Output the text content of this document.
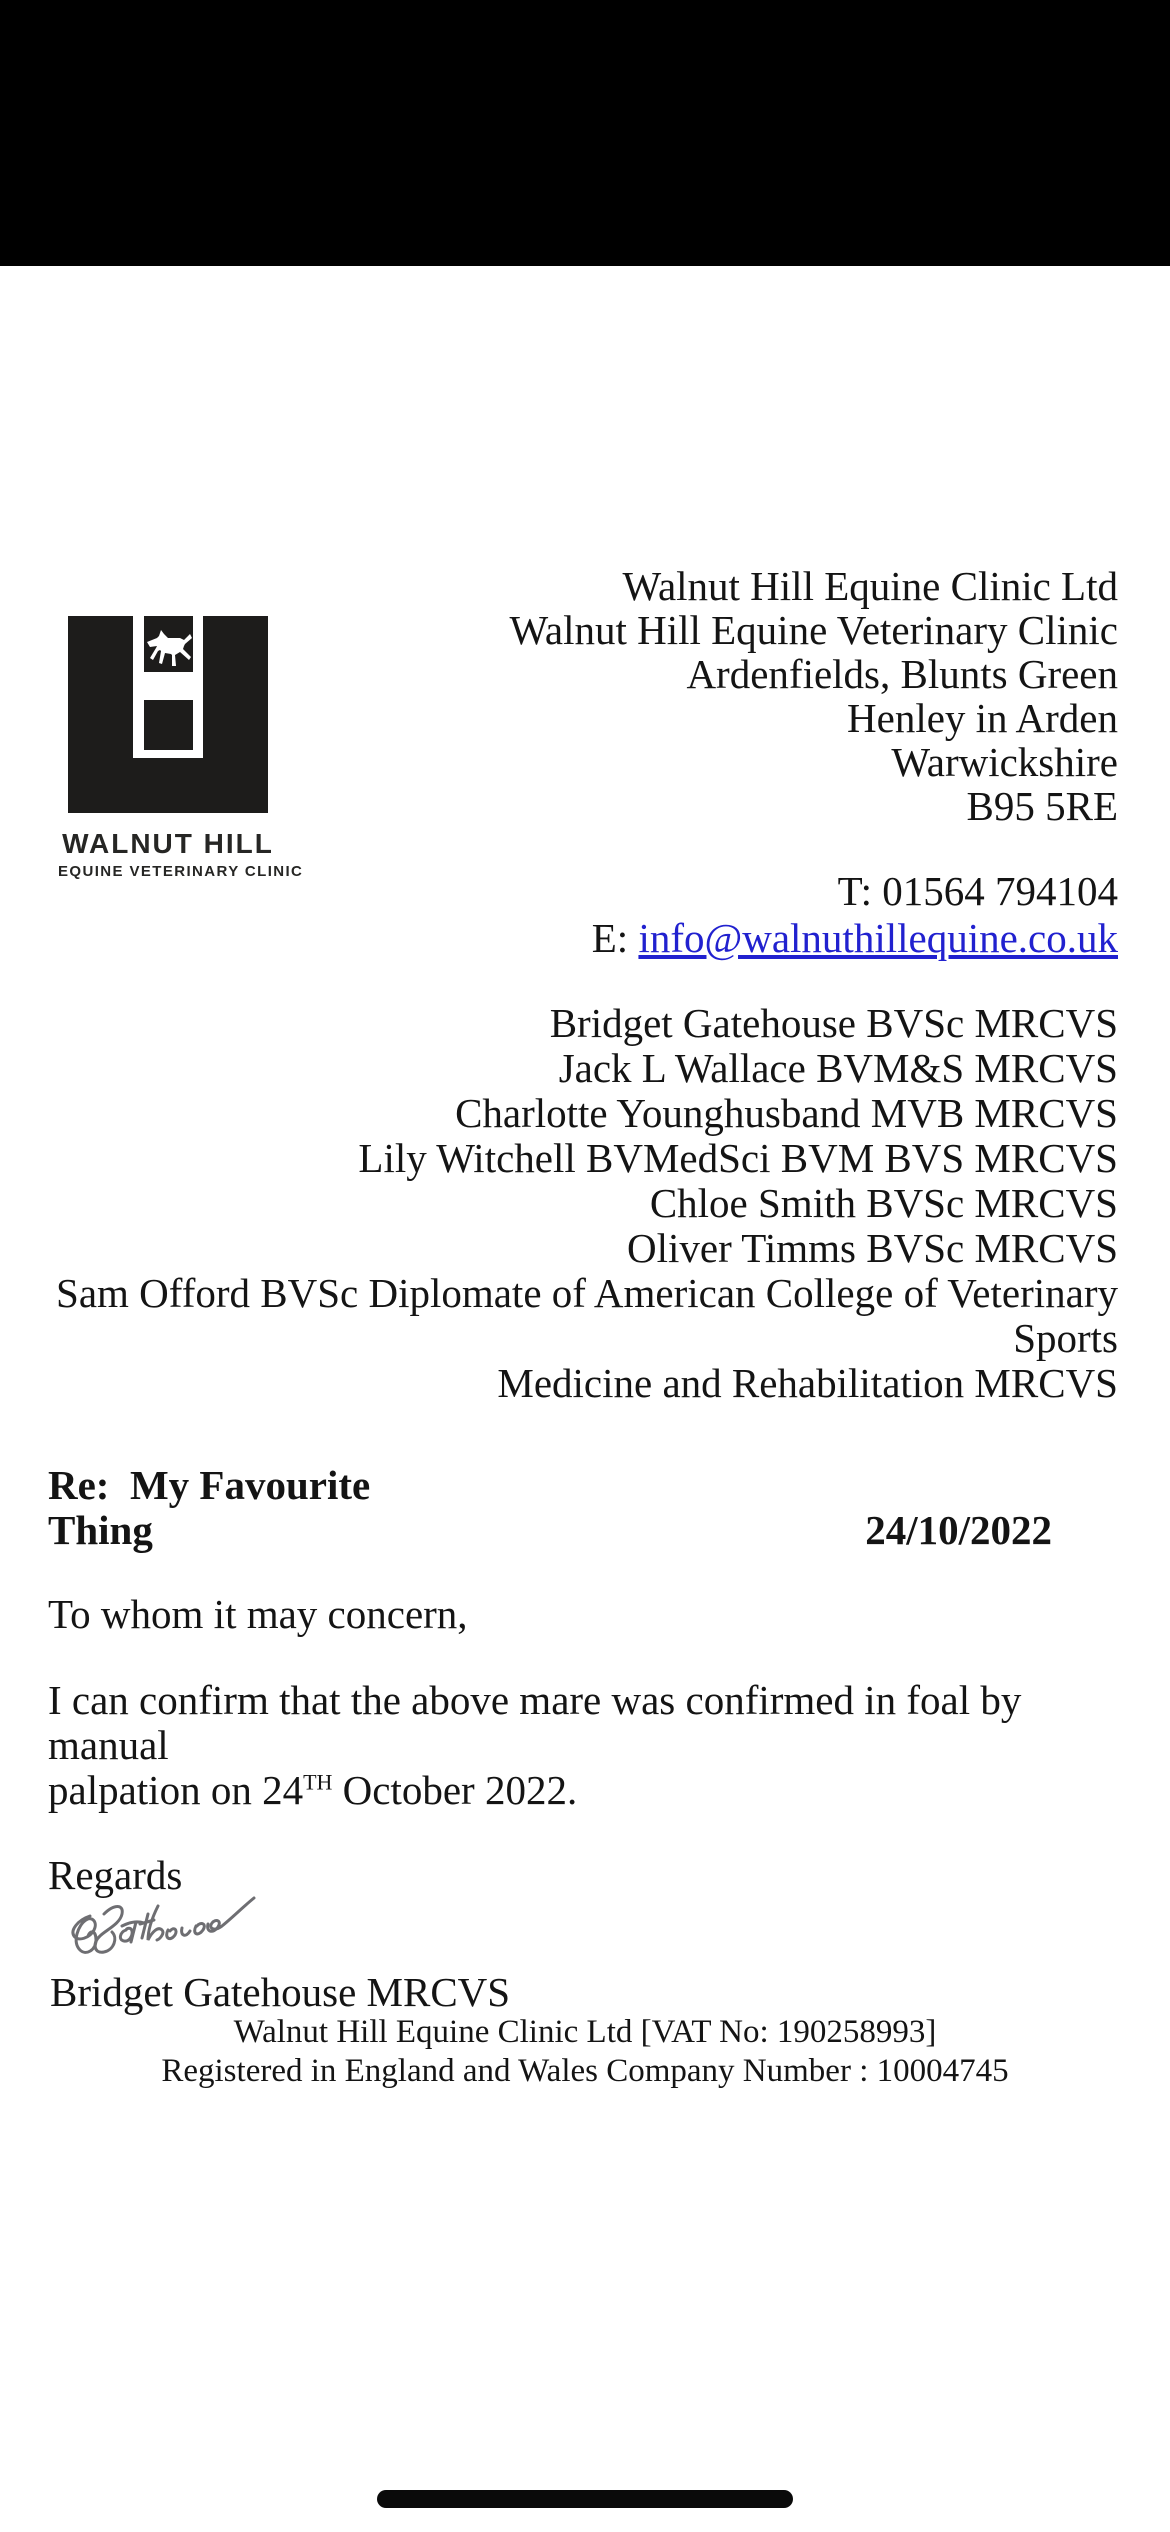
Walnut Hill Equine Clinic Ltd
Walnut Hill Equine Veterinary Clinic
Ardenfields, Blunts Green
Henley in Arden
Warwickshire
B95 5RE
WALNUT HILL
EQUINE VETERINARY CLINIC	T: 01564 794104
E: info@walnuthillequine.co.uk
Bridget Gatehouse BVSc MRCVS
Jack L Wallace BVM&S MRCVS
Charlotte Younghusband MVB MRCVS
Lily Witchell BVMedSci BVM BVS MRCVS
Chloe Smith BVSc MRCVS
Oliver Timms BVSc MRCVS
Sam Offord BVSc Diplomate of American College of Veterinary Sports
Medicine and Rehabilitation MRCVS
Re:  My Favourite
Thing	24/10/2022
To whom it may concern,
I can confirm that the above mare was confirmed in foal by manual
palpation on 24TH October 2022.
Regards
Bridget Gatehouse MRCVS
Walnut Hill Equine Clinic Ltd [VAT No: 190258993]
Registered in England and Wales Company Number : 10004745
